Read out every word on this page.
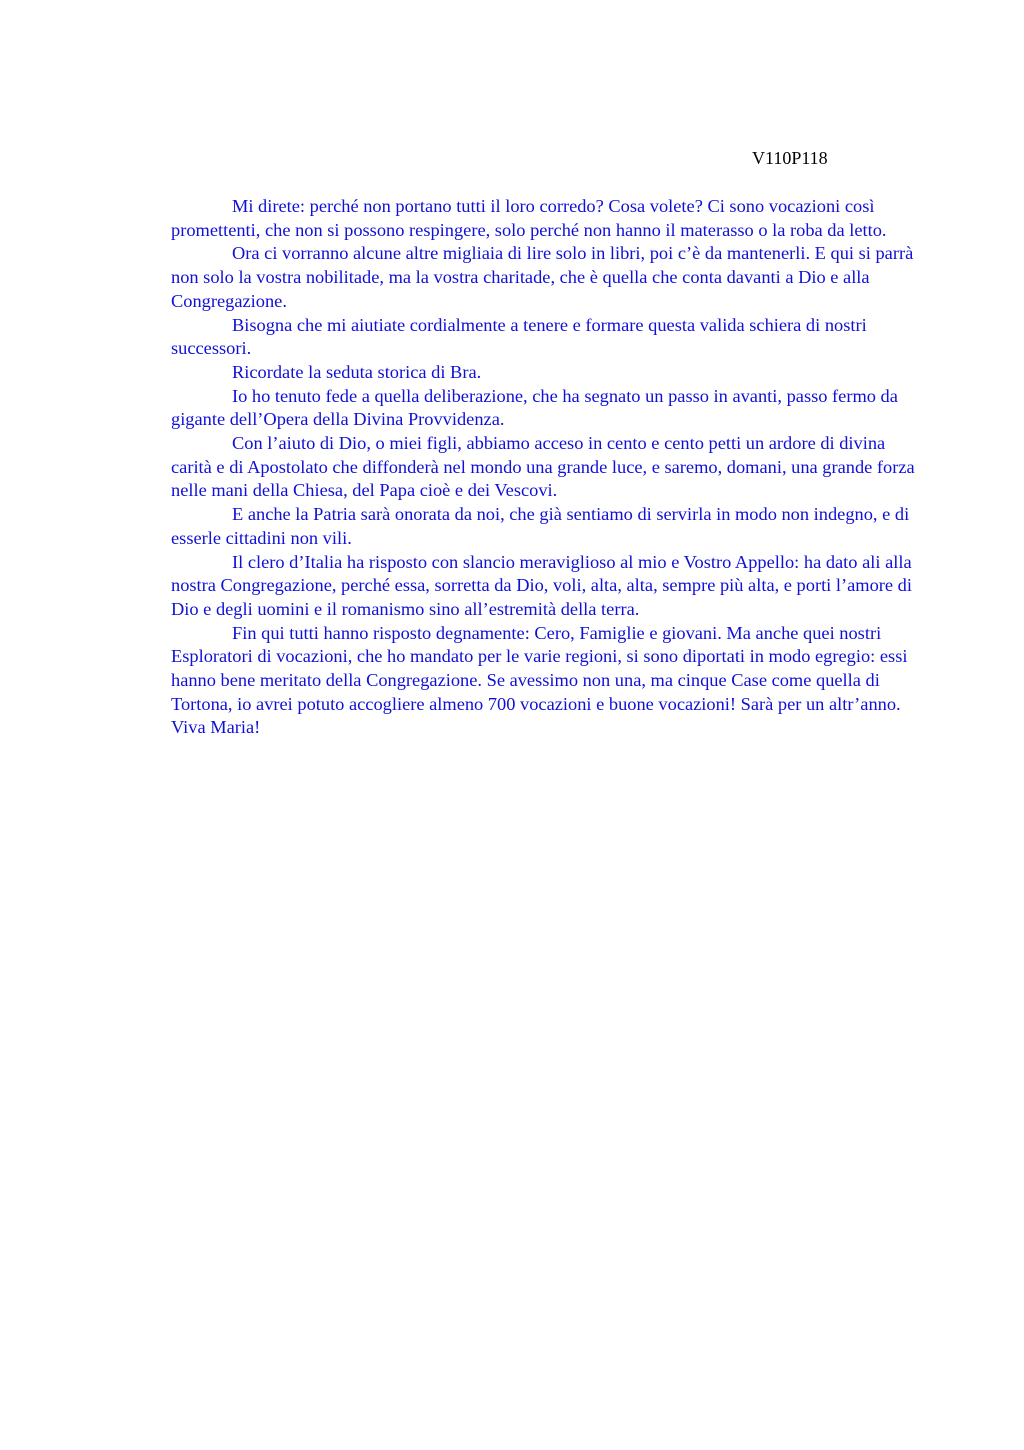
V110P118

Mi direte: perché non portano tutti il loro corredo? Cosa volete? Ci sono vocazioni così promettenti, che non si possono respingere, solo perché non hanno il materasso o la roba da letto.

Ora ci vorranno alcune altre migliaia di lire solo in libri, poi c’è da mantenerli. E qui si parrà non solo la vostra nobilitade, ma la vostra charitade, che è quella che conta davanti a Dio e alla Congregazione.

Bisogna che mi aiutiate cordialmente a tenere e formare questa valida schiera di nostri successori.

Ricordate la seduta storica di Bra.

Io ho tenuto fede a quella deliberazione, che ha segnato un passo in avanti, passo fermo da gigante dell’Opera della Divina Provvidenza.

Con l’aiuto di Dio, o miei figli, abbiamo acceso in cento e cento petti un ardore di divina carità e di Apostolato che diffonderà nel mondo una grande luce, e saremo, domani, una grande forza nelle mani della Chiesa, del Papa cioè e dei Vescovi.

E anche la Patria sarà onorata da noi, che già sentiamo di servirla in modo non indegno, e di esserle cittadini non vili.

Il clero d’Italia ha risposto con slancio meraviglioso al mio e Vostro Appello: ha dato ali alla nostra Congregazione, perché essa, sorretta da Dio, voli, alta, alta, sempre più alta, e porti l’amore di Dio e degli uomini e il romanismo sino all’estremità della terra.

Fin qui tutti hanno risposto degnamente: Cero, Famiglie e giovani. Ma anche quei nostri Esploratori di vocazioni, che ho mandato per le varie regioni, si sono diportati in modo egregio: essi hanno bene meritato della Congregazione. Se avessimo non una, ma cinque Case come quella di Tortona, io avrei potuto accogliere almeno 700 vocazioni e buone vocazioni! Sarà per un altr’anno. Viva Maria!
